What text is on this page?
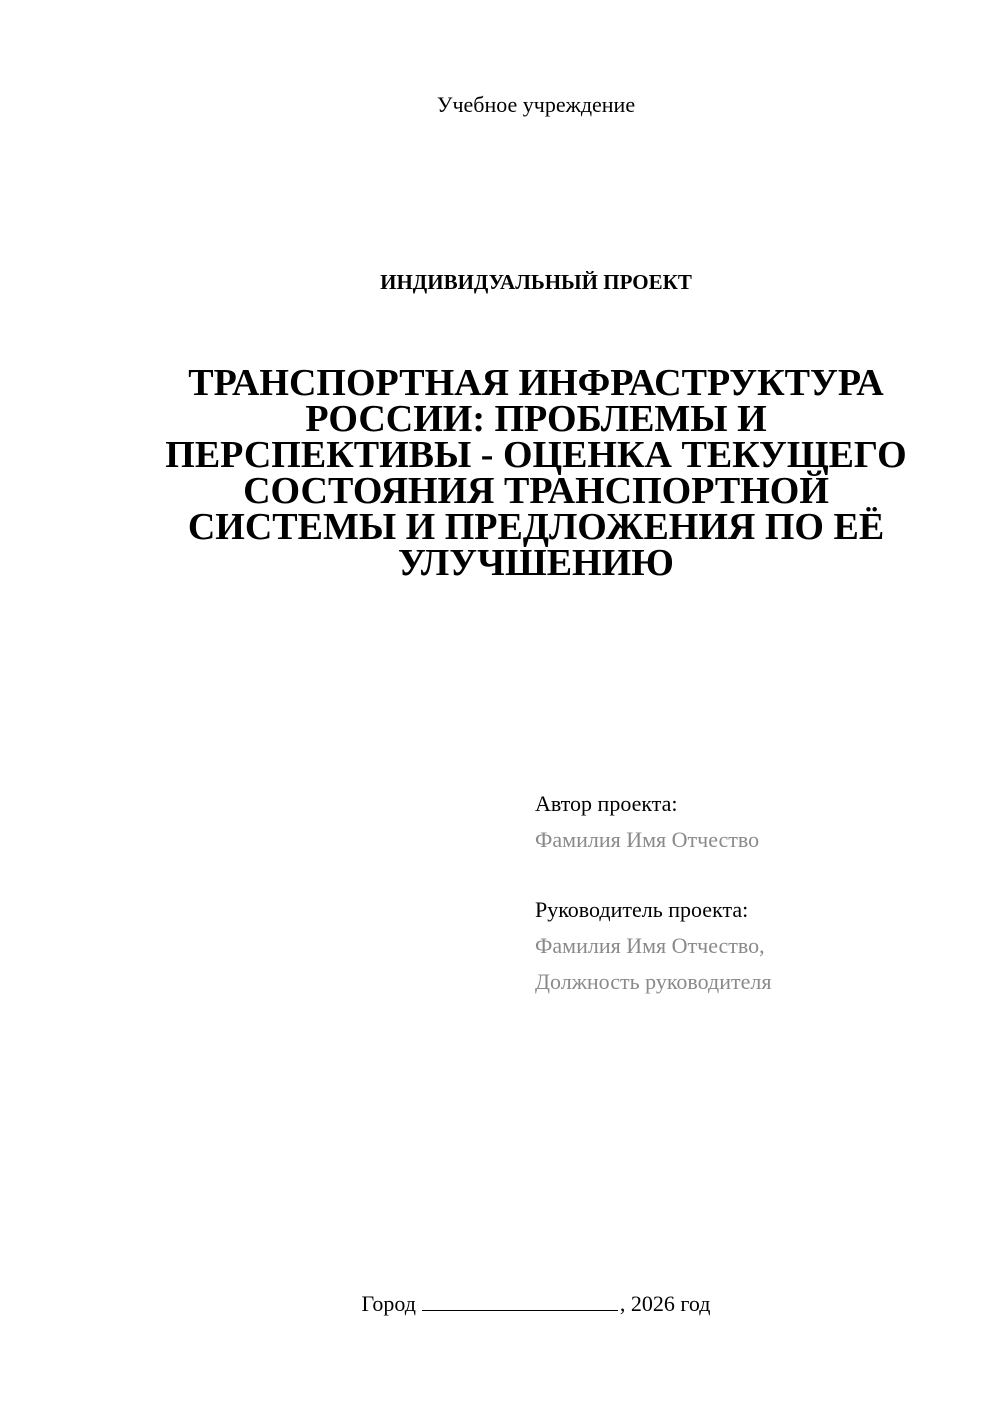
Учебное учреждение
ИНДИВИДУАЛЬНЫЙ ПРОЕКТ
ТРАНСПОРТНАЯ ИНФРАСТРУКТУРА
РОССИИ: ПРОБЛЕМЫ И
ПЕРСПЕКТИВЫ - ОЦЕНКА ТЕКУЩЕГО
СОСТОЯНИЯ ТРАНСПОРТНОЙ
СИСТЕМЫ И ПРЕДЛОЖЕНИЯ ПО ЕЁ
УЛУЧШЕНИЮ
Автор проекта:
Фамилия Имя Отчество
Руководитель проекта:
Фамилия Имя Отчество,
Должность руководителя
Город	, 2026 год
